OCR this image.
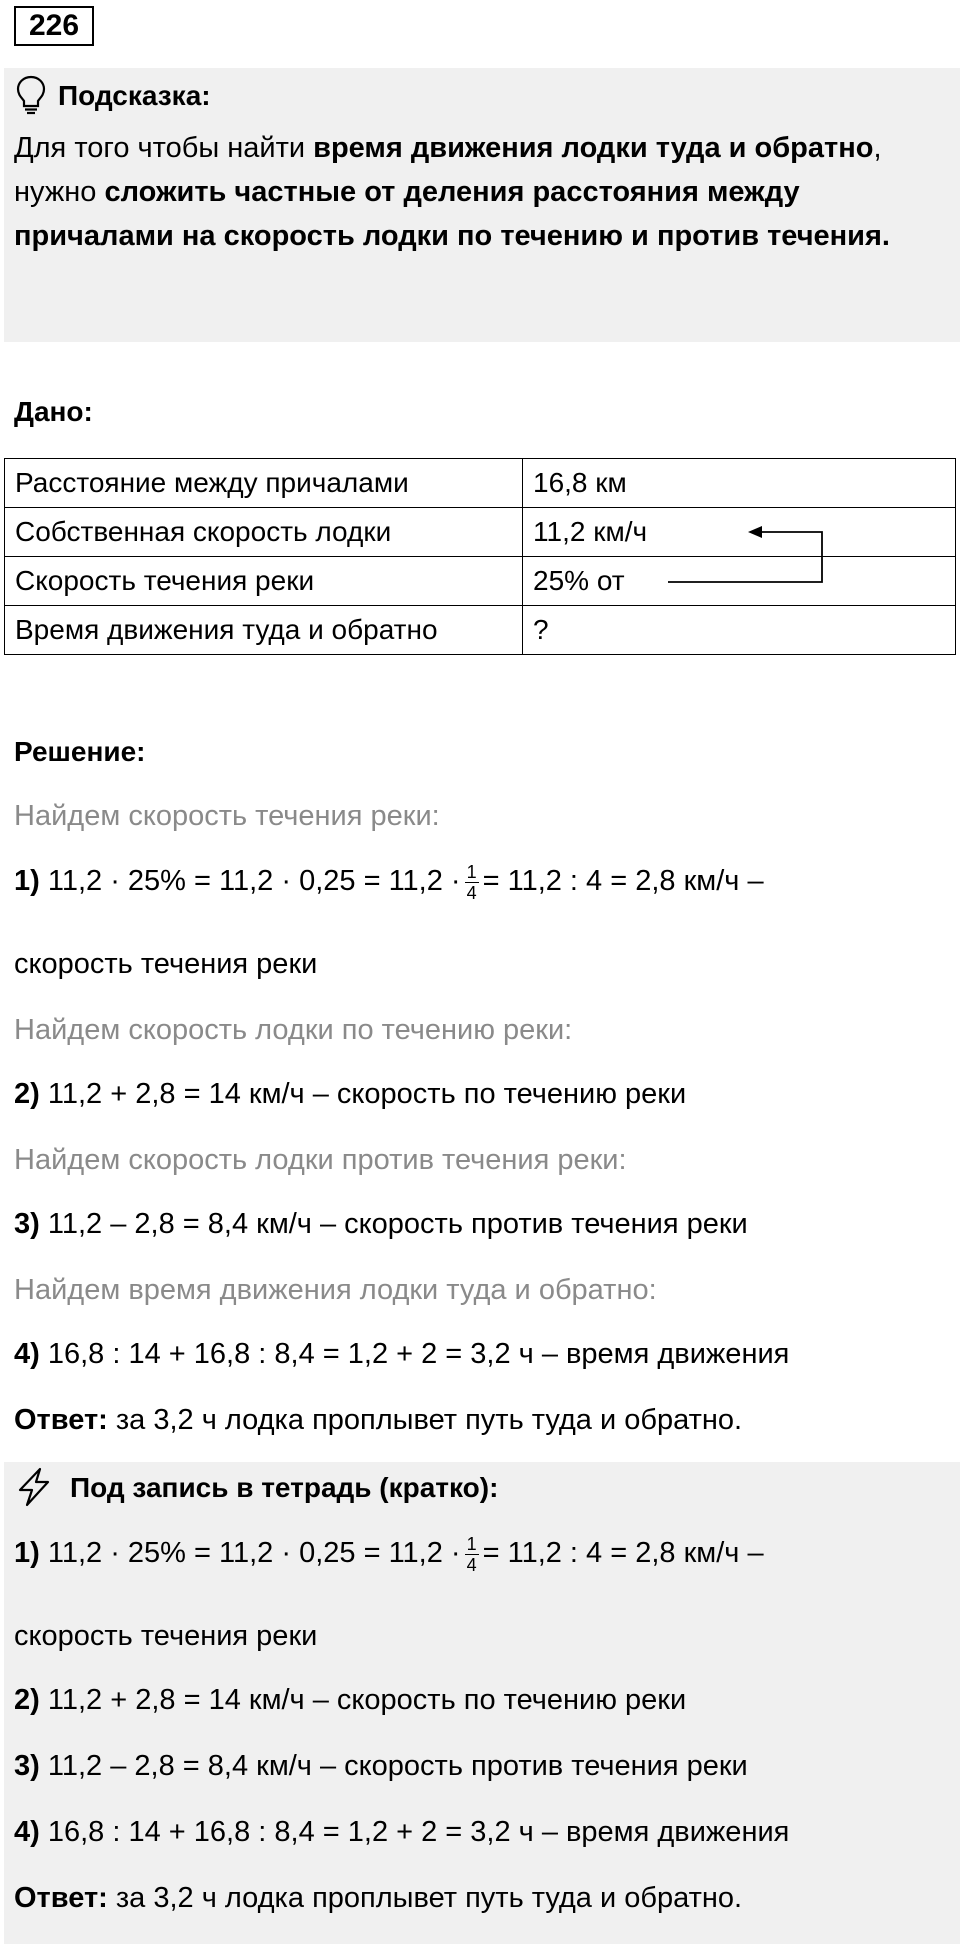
226
Подсказка:
Для того чтобы найти время движения лодки туда и обратно, нужно сложить частные от деления расстояния между причалами на скорость лодки по течению и против течения.
Дано:
Расстояние между причалами	16,8 км
Собственная скорость лодки	11,2 км/ч
Скорость течения реки	25% от
Время движения туда и обратно	?
Решение:
Найдем скорость течения реки:
1) $11,2 \cdot 25\% = 11,2 \cdot 0,25 = 11,2 \cdot \frac{1}{4} = 11,2$ : 4 = 2,8 км/ч –
скорость течения реки
Найдем скорость лодки по течению реки:
2) 11,2 + 2,8 = 14 км/ч – скорость по течению реки
Найдем скорость лодки против течения реки:
3) 11,2 – 2,8 = 8,4 км/ч – скорость против течения реки
Найдем время движения лодки туда и обратно:
4) 16,8 : 14 + 16,8 : 8,4 = 1,2 + 2 = 3,2 ч – время движения
Ответ: за 3,2 ч лодка проплывет путь туда и обратно.
Под запись в тетрадь (кратко):
1) $11,2 \cdot 25\% = 11,2 \cdot 0,25 = 11,2 \cdot \frac{1}{4} = 11,2$ : 4 = 2,8 км/ч –
скорость течения реки
2) 11,2 + 2,8 = 14 км/ч – скорость по течению реки
3) 11,2 – 2,8 = 8,4 км/ч – скорость против течения реки
4) 16,8 : 14 + 16,8 : 8,4 = 1,2 + 2 = 3,2 ч – время движения
Ответ: за 3,2 ч лодка проплывет путь туда и обратно.
